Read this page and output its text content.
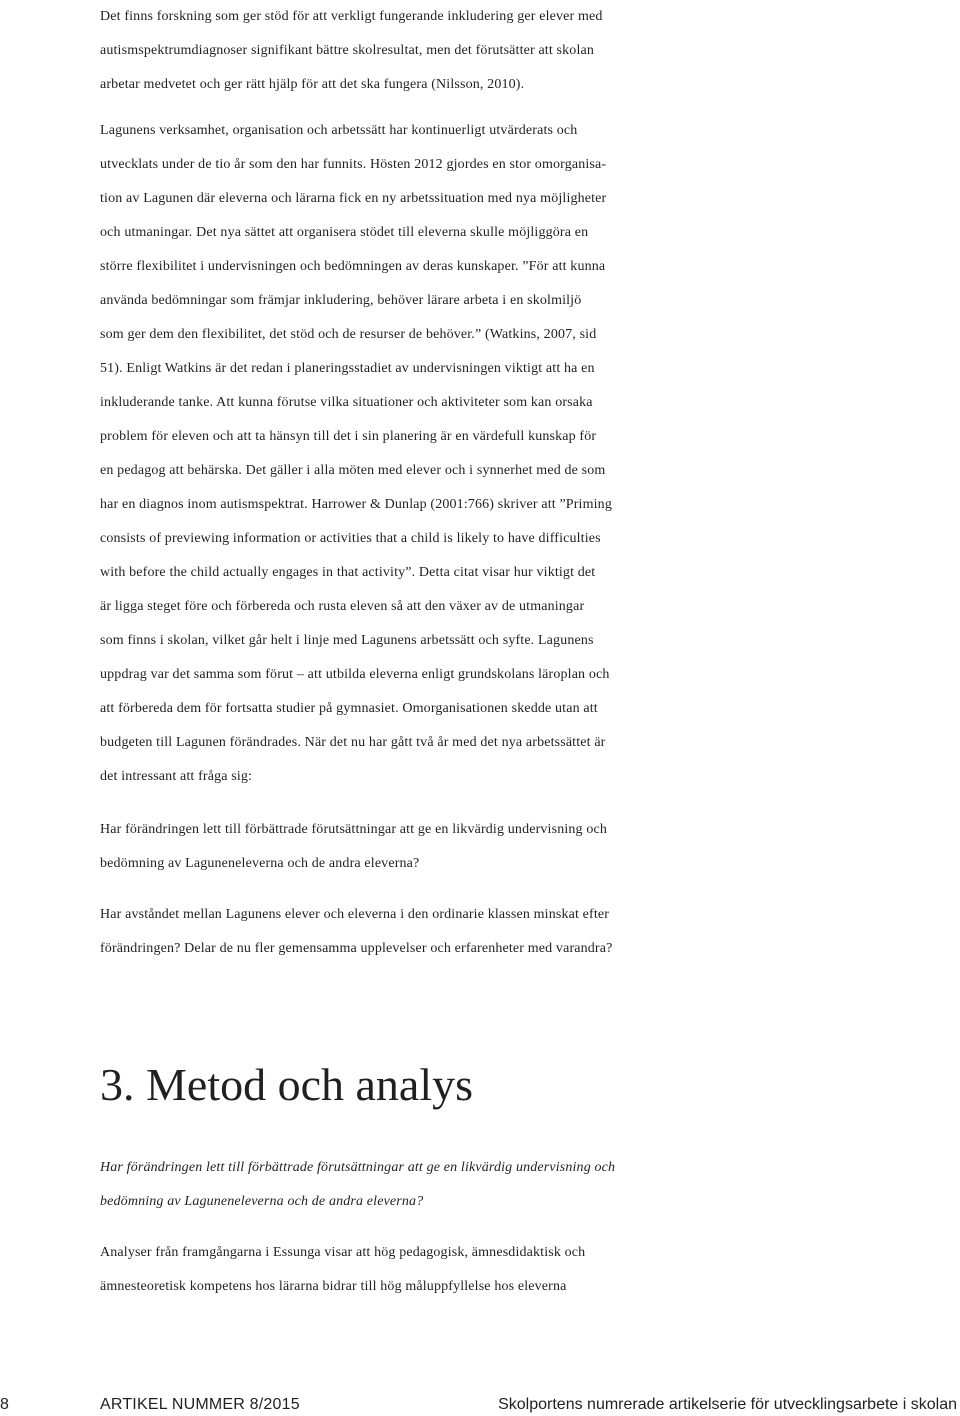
Det finns forskning som ger stöd för att verkligt fungerande inkludering ger elever med
autismspektrumdiagnoser signifikant bättre skolresultat, men det förutsätter att skolan
arbetar medvetet och ger rätt hjälp för att det ska fungera (Nilsson, 2010).

Lagunens verksamhet, organisation och arbetssätt har kontinuerligt utvärderats och
utvecklats under de tio år som den har funnits. Hösten 2012 gjordes en stor omorganisa-
tion av Lagunen där eleverna och lärarna fick en ny arbetssituation med nya möjligheter
och utmaningar. Det nya sättet att organisera stödet till eleverna skulle möjliggöra en
större flexibilitet i undervisningen och bedömningen av deras kunskaper. ”För att kunna
använda bedömningar som främjar inkludering, behöver lärare arbeta i en skolmiljö
som ger dem den flexibilitet, det stöd och de resurser de behöver.” (Watkins, 2007, sid
51). Enligt Watkins är det redan i planeringsstadiet av undervisningen viktigt att ha en
inkluderande tanke. Att kunna förutse vilka situationer och aktiviteter som kan orsaka
problem för eleven och att ta hänsyn till det i sin planering är en värdefull kunskap för
en pedagog att behärska. Det gäller i alla möten med elever och i synnerhet med de som
har en diagnos inom autismspektrat. Harrower & Dunlap (2001:766) skriver att ”Priming
consists of previewing information or activities that a child is likely to have difficulties
with before the child actually engages in that activity”. Detta citat visar hur viktigt det
är ligga steget före och förbereda och rusta eleven så att den växer av de utmaningar
som finns i skolan, vilket går helt i linje med Lagunens arbetssätt och syfte. Lagunens
uppdrag var det samma som förut – att utbilda eleverna enligt grundskolans läroplan och
att förbereda dem för fortsatta studier på gymnasiet. Omorganisationen skedde utan att
budgeten till Lagunen förändrades. När det nu har gått två år med det nya arbetssättet är
det intressant att fråga sig:

Har förändringen lett till förbättrade förutsättningar att ge en likvärdig undervisning och
bedömning av Laguneneleverna och de andra eleverna?

Har avståndet mellan Lagunens elever och eleverna i den ordinarie klassen minskat efter
förändringen? Delar de nu fler gemensamma upplevelser och erfarenheter med varandra?

3. Metod och analys

Har förändringen lett till förbättrade förutsättningar att ge en likvärdig undervisning och
bedömning av Laguneneleverna och de andra eleverna?

Analyser från framgångarna i Essunga visar att hög pedagogisk, ämnesdidaktisk och
ämnesteoretisk kompetens hos lärarna bidrar till hög måluppfyllelse hos eleverna

8	ARTIKEL NUMMER 8/2015	Skolportens numrerade artikelserie för utvecklingsarbete i skolan
